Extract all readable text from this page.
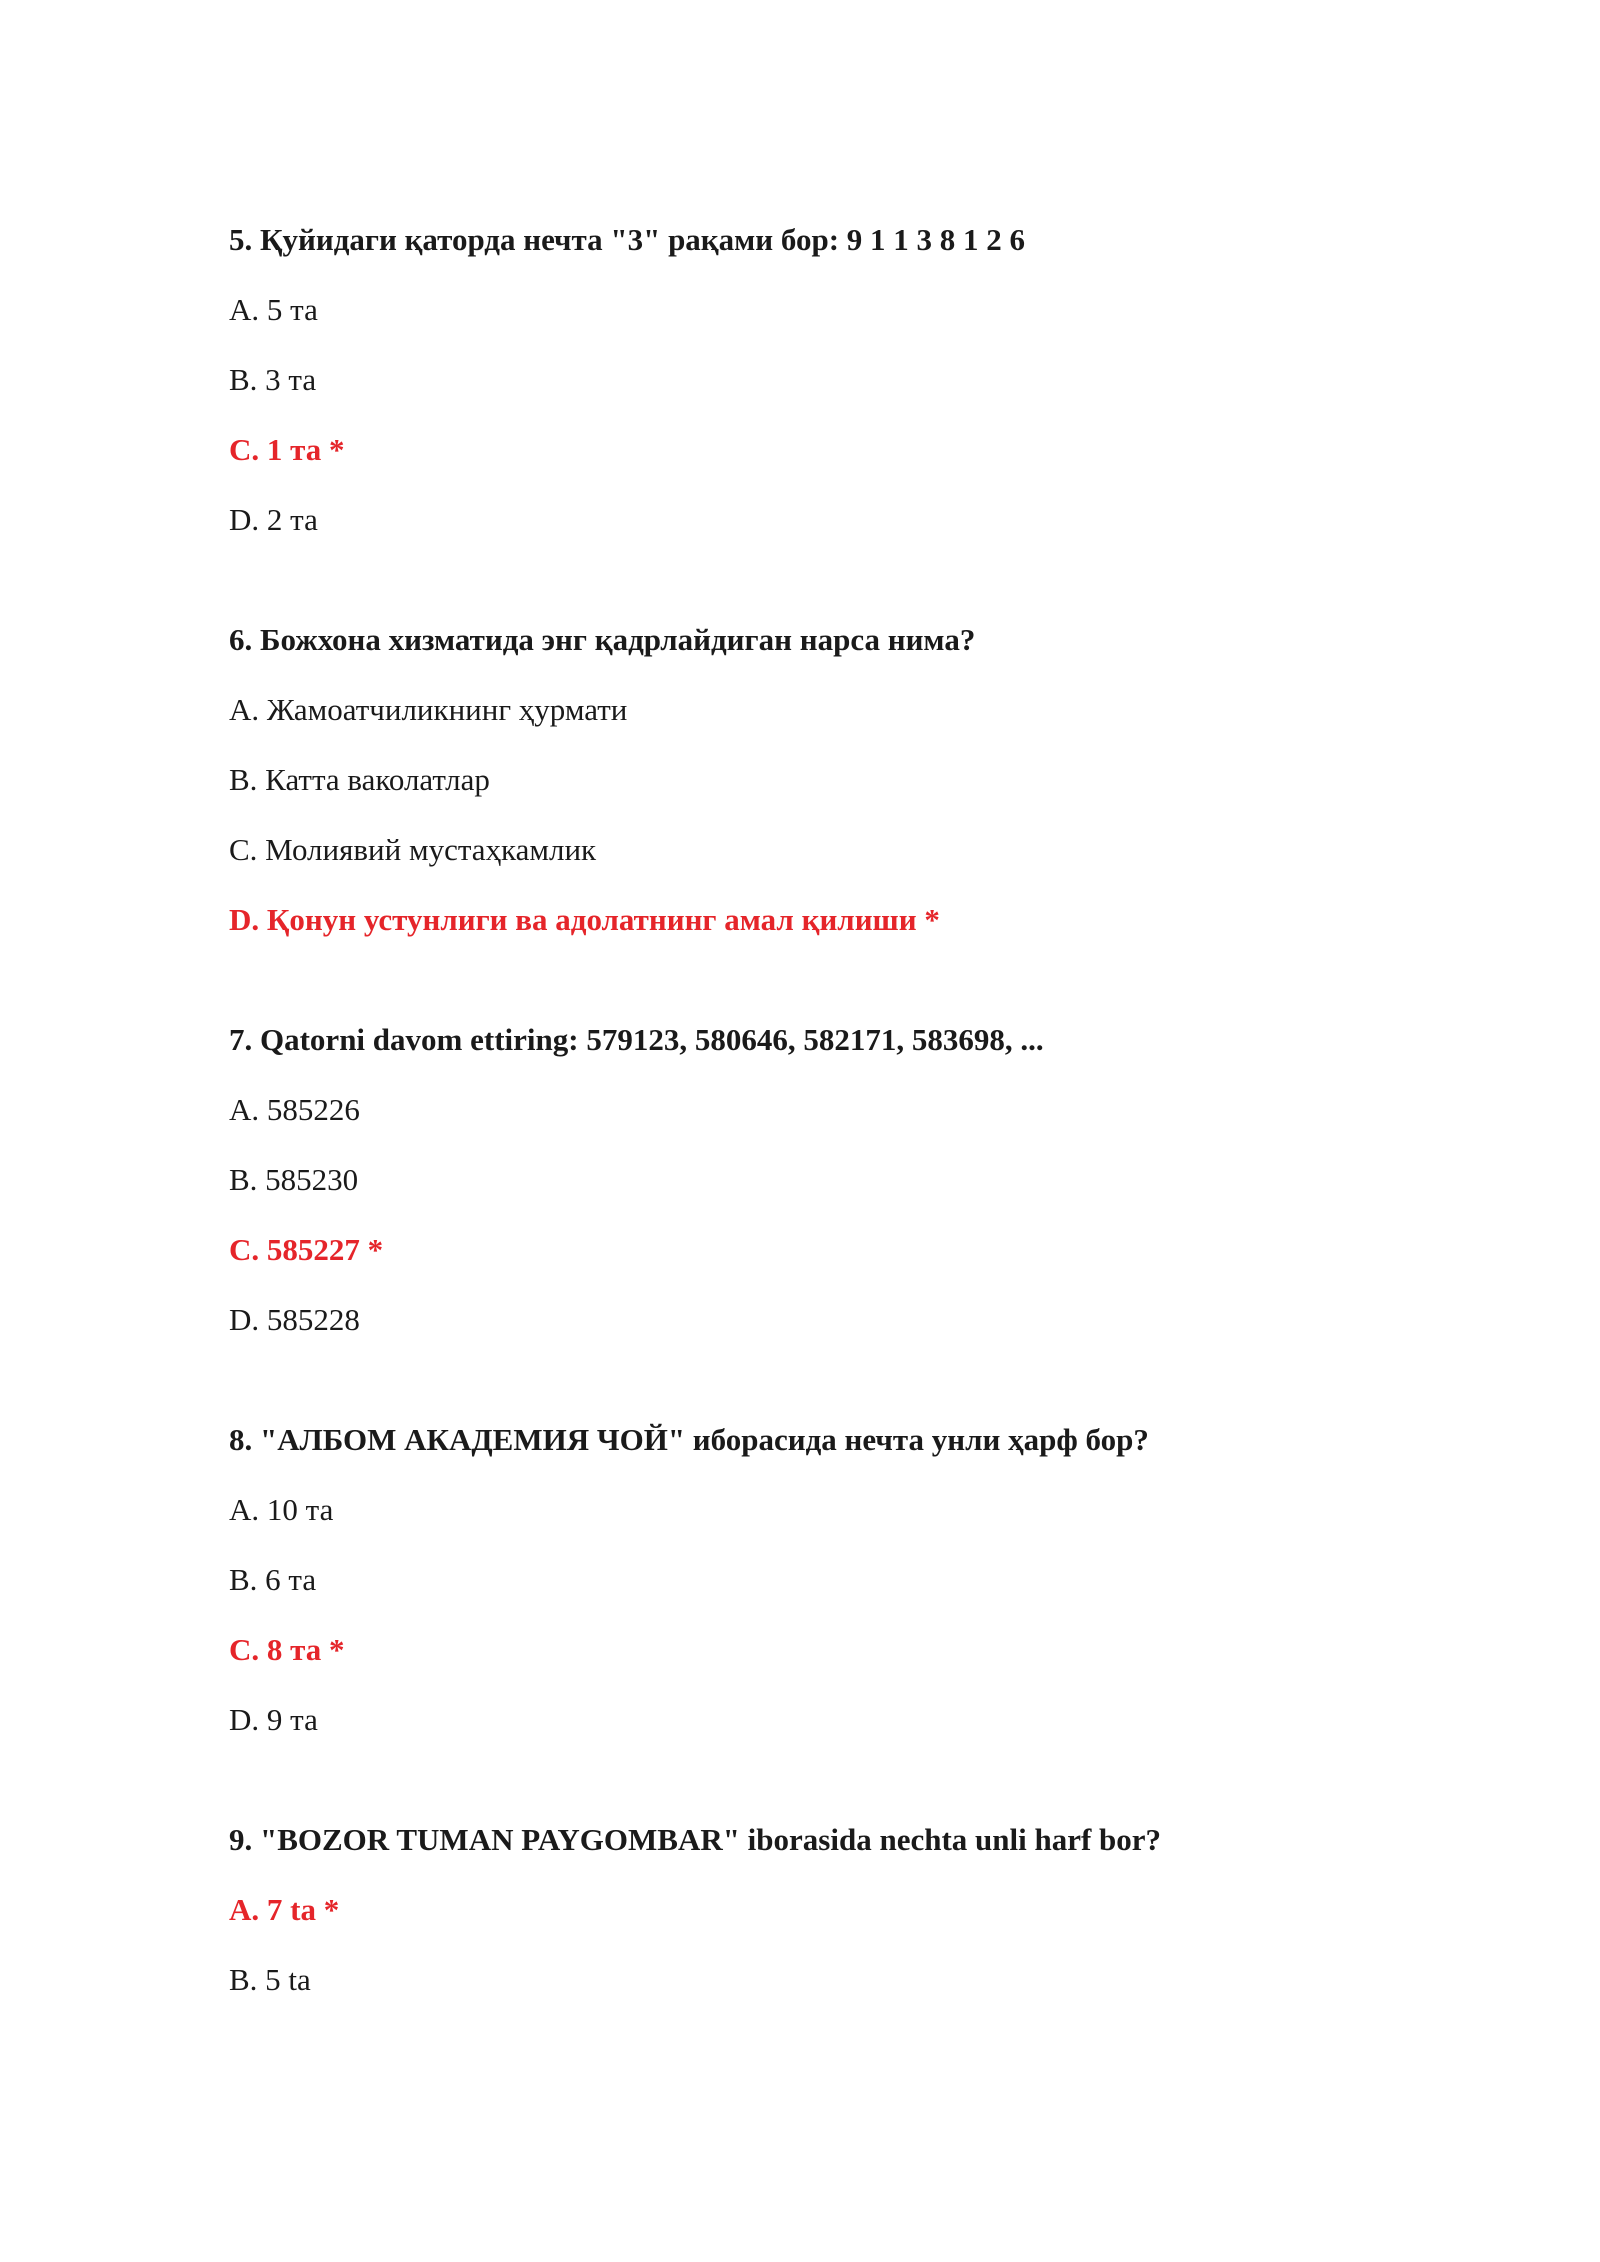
5. Қуйидаги қаторда нечта "3" рақами бор: 9 1 1 3 8 1 2 6
A. 5 та
B. 3 та
C. 1 та *
D. 2 та
6. Божхона хизматида энг қадрлайдиган нарса нима?
A. Жамоатчиликнинг ҳурмати
B. Катта ваколатлар
C. Молиявий мустаҳкамлик
D. Қонун устунлиги ва адолатнинг амал қилиши *
7. Qatorni davom ettiring: 579123, 580646, 582171, 583698, ...
A. 585226
B. 585230
C. 585227 *
D. 585228
8. "АЛБОМ АКАДЕМИЯ ЧОЙ" иборасида нечта унли ҳарф бор?
A. 10 та
B. 6 та
C. 8 та *
D. 9 та
9. "BOZOR TUMAN PAYGOMBAR" iborasida nechta unli harf bor?
A. 7 ta *
B. 5 ta
